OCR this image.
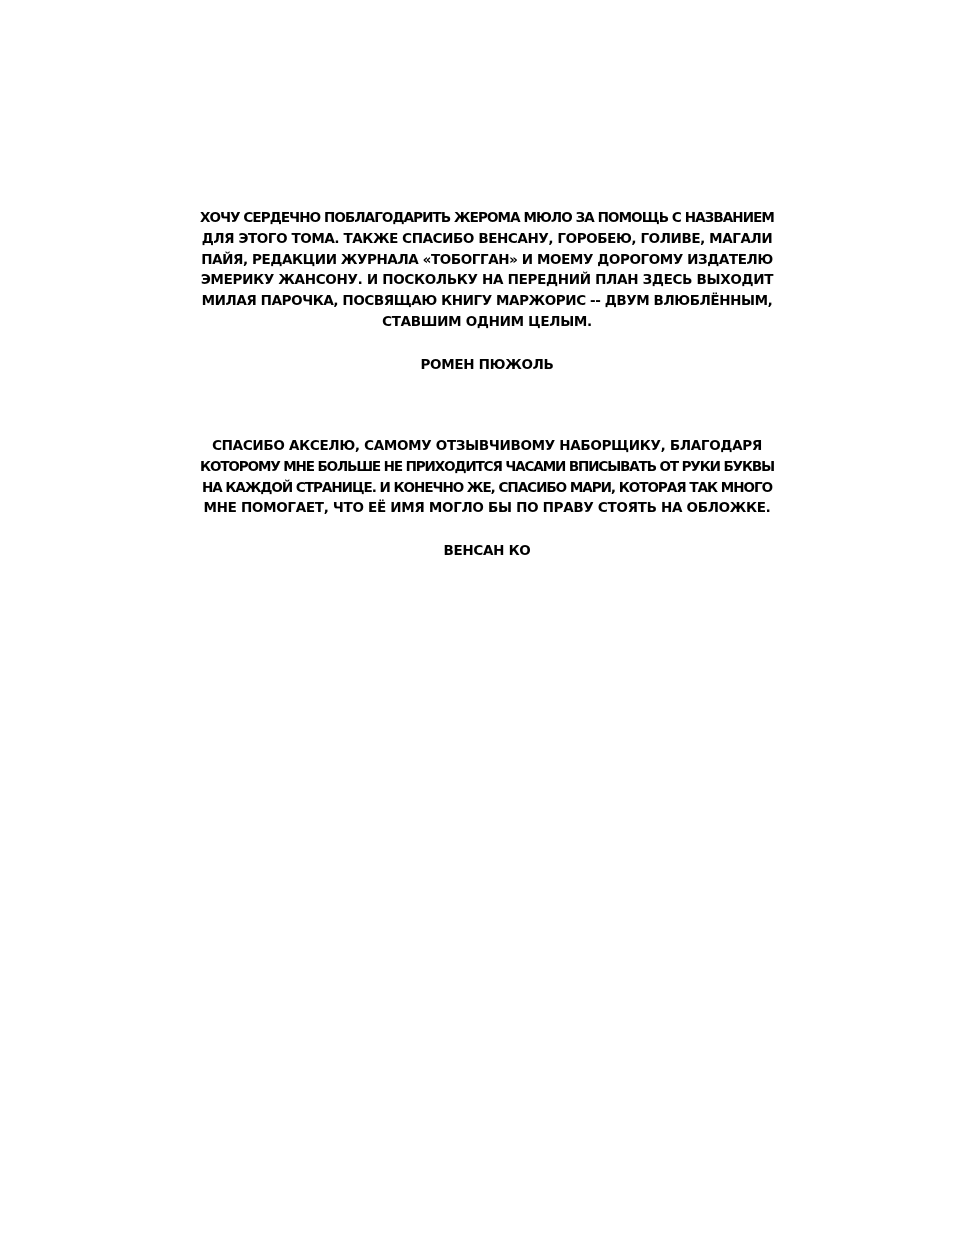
ХОЧУ СЕРДЕЧНО ПОБЛАГОДАРИТЬ ЖЕРОМА МЮЛО ЗА ПОМОЩЬ С НАЗВАНИЕМ
ДЛЯ ЭТОГО ТОМА. ТАКЖЕ СПАСИБО ВЕНСАНУ, ГОРОБЕЮ, ГОЛИВЕ, МАГАЛИ
ПАЙЯ, РЕДАКЦИИ ЖУРНАЛА «ТОБОГГАН» И МОЕМУ ДОРОГОМУ ИЗДАТЕЛЮ
ЭМЕРИКУ ЖАНСОНУ. И ПОСКОЛЬКУ НА ПЕРЕДНИЙ ПЛАН ЗДЕСЬ ВЫХОДИТ
МИЛАЯ ПАРОЧКА, ПОСВЯЩАЮ КНИГУ МАРЖОРИС -- ДВУМ ВЛЮБЛЁННЫМ,
СТАВШИМ ОДНИМ ЦЕЛЫМ.

РОМЕН ПЮЖОЛЬ

СПАСИБО АКСЕЛЮ, САМОМУ ОТЗЫВЧИВОМУ НАБОРЩИКУ, БЛАГОДАРЯ
КОТОРОМУ МНЕ БОЛЬШЕ НЕ ПРИХОДИТСЯ ЧАСАМИ ВПИСЫВАТЬ ОТ РУКИ БУКВЫ
НА КАЖДОЙ СТРАНИЦЕ. И КОНЕЧНО ЖЕ, СПАСИБО МАРИ, КОТОРАЯ ТАК МНОГО
МНЕ ПОМОГАЕТ, ЧТО ЕЁ ИМЯ МОГЛО БЫ ПО ПРАВУ СТОЯТЬ НА ОБЛОЖКЕ.

ВЕНСАН КО
